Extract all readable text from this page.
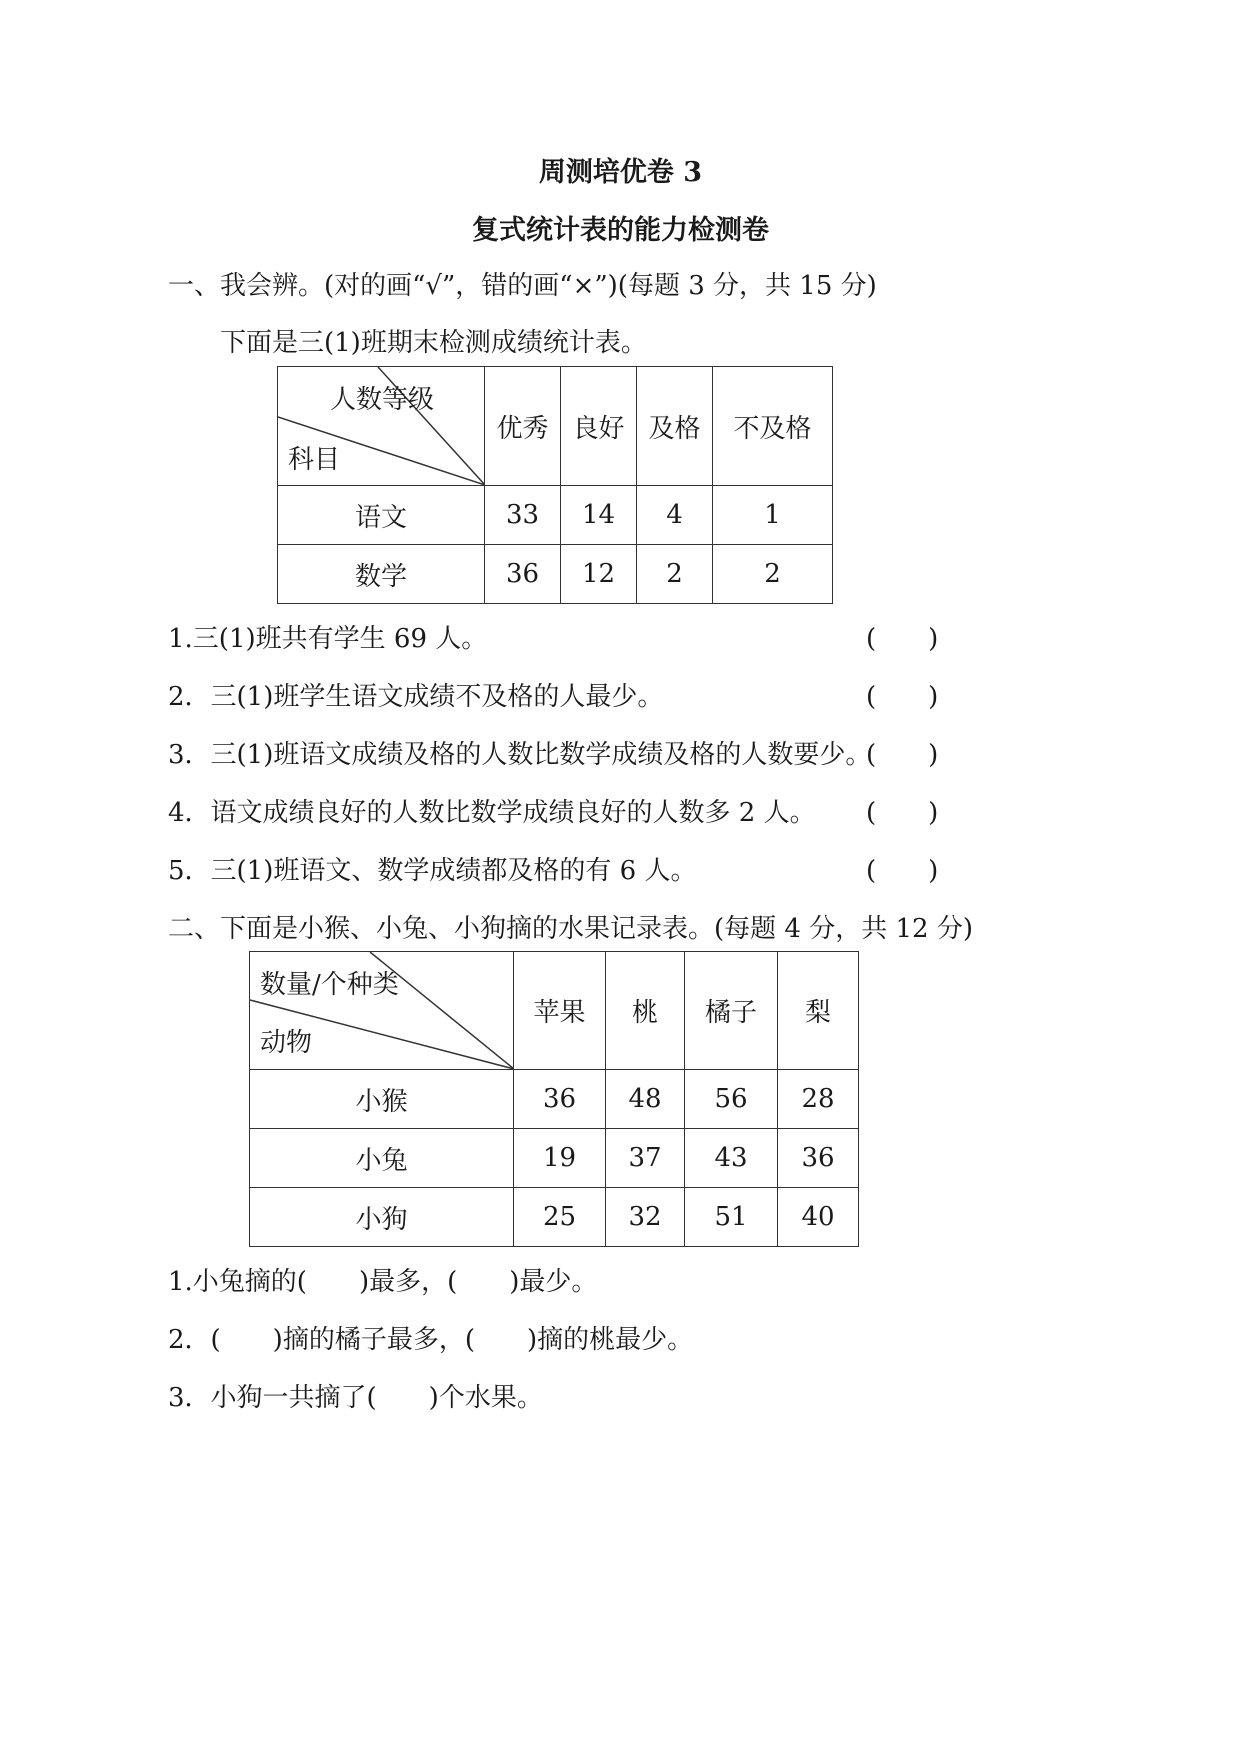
周测培优卷 3
复式统计表的能力检测卷
一、我会辨。(对的画“√”，错的画“×”)(每题 3 分，共 15 分)
下面是三(1)班期末检测成绩统计表。
人数等级
科目	优秀	良好	及格	不及格
语文	33	14	4	1
数学	36	12	2	2
1.三(1)班共有学生 69 人。	(　　)
2．三(1)班学生语文成绩不及格的人最少。	(　　)
3．三(1)班语文成绩及格的人数比数学成绩及格的人数要少。
(　　)
4．语文成绩良好的人数比数学成绩良好的人数多 2 人。 (　　)
5．三(1)班语文、数学成绩都及格的有 6 人。	(　　)
二、下面是小猴、小兔、小狗摘的水果记录表。(每题 4 分，共 12 分)
数量/个种类
动物	苹果	桃	橘子	梨
小猴	36	48	56	28
小兔	19	37	43	36
小狗	25	32	51	40
1.小兔摘的(　　)最多，(　　)最少。
2．(　　)摘的橘子最多，(　　)摘的桃最少。
3．小狗一共摘了(　　)个水果。
